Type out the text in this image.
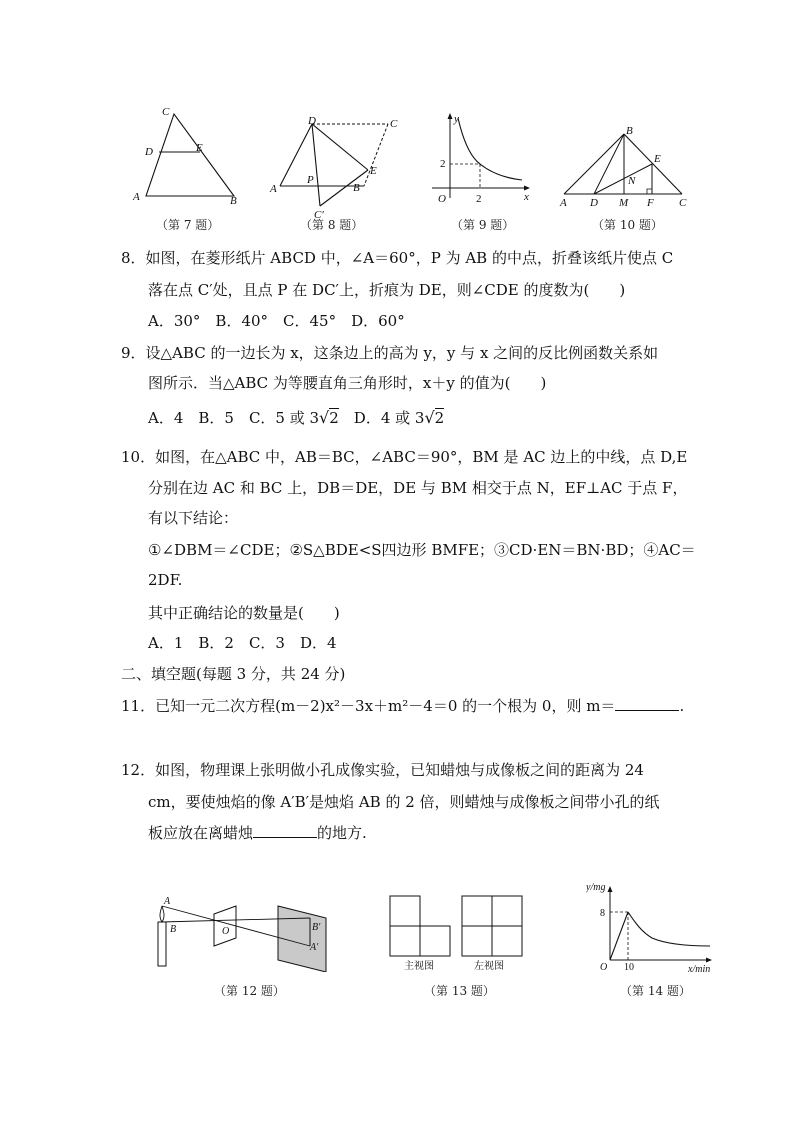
C
D	E
A	B
（第 7 题）
D	C
A
P
B
E
C′
（第 8 题）
y
x
O
2
2
（第 9 题）
B
E
N
A D M F C
（第 10 题）
8．如图，在菱形纸片 ABCD 中，∠A＝60°，P 为 AB 的中点，折叠该纸片使点 C
落在点 C′处，且点 P 在 DC′上，折痕为 DE，则∠CDE 的度数为(　　)
A．30°　B．40°　C．45°　D．60°
9．设△ABC 的一边长为 x，这条边上的高为 y，y 与 x 之间的反比例函数关系如
图所示．当△ABC 为等腰直角三角形时，x＋y 的值为(　　)
A．4　B．5　C．5 或 3√2　D．4 或 3√2
10．如图，在△ABC 中，AB＝BC，∠ABC＝90°，BM 是 AC 边上的中线，点 D,E
分别在边 AC 和 BC 上，DB＝DE，DE 与 BM 相交于点 N，EF⊥AC 于点 F，
有以下结论：
①∠DBM＝∠CDE；②S△BDE<S四边形 BMFE；③CD·EN＝BN·BD；④AC＝
2DF.
其中正确结论的数量是(　　)
A．1　B．2　C．3　D．4
二、填空题(每题 3 分，共 24 分)
11．已知一元二次方程(m－2)x²－3x＋m²－4＝0 的一个根为 0，则 m＝	.
12．如图，物理课上张明做小孔成像实验，已知蜡烛与成像板之间的距离为 24
cm，要使烛焰的像 A′B′是烛焰 AB 的 2 倍，则蜡烛与成像板之间带小孔的纸
板应放在离蜡烛	的地方.
A
B	O	B′
A′
（第 12 题）
主视图	左视图
（第 13 题）
y/mg
x/min
O
8
10
（第 14 题）
